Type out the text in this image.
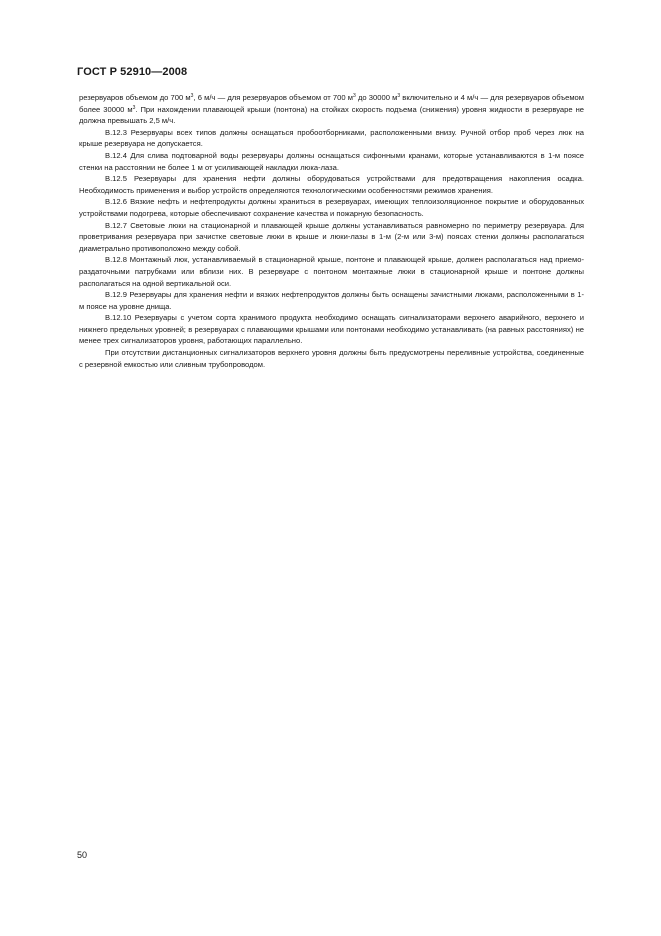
ГОСТ Р 52910—2008

резервуаров объемом до 700 $м^3$, 6 м/ч — для резервуаров объемом от 700 $м^3$ до 30000 $м^3$ включительно и 4 м/ч — для резервуаров объемом более 30000 $м^3$. При нахождении плавающей крыши (понтона) на стойках скорость подъема (снижения) уровня жидкости в резервуаре не должна превышать 2,5 м/ч.

В.12.3 Резервуары всех типов должны оснащаться пробоотборниками, расположенными внизу. Ручной отбор проб через люк на крыше резервуара не допускается.

В.12.4 Для слива подтоварной воды резервуары должны оснащаться сифонными кранами, которые устанавливаются в 1-м поясе стенки на расстоянии не более 1 м от усиливающей накладки люка-лаза.

В.12.5 Резервуары для хранения нефти должны оборудоваться устройствами для предотвращения накопления осадка. Необходимость применения и выбор устройств определяются технологическими особенностями режимов хранения.

В.12.6 Вязкие нефть и нефтепродукты должны храниться в резервуарах, имеющих теплоизоляционное покрытие и оборудованных устройствами подогрева, которые обеспечивают сохранение качества и пожарную безопасность.

В.12.7 Световые люки на стационарной и плавающей крыше должны устанавливаться равномерно по периметру резервуара. Для проветривания резервуара при зачистке световые люки в крыше и люки-лазы в 1-м (2-м или 3-м) поясах стенки должны располагаться диаметрально противоположно между собой.

В.12.8 Монтажный люк, устанавливаемый в стационарной крыше, понтоне и плавающей крыше, должен располагаться над приемо-раздаточными патрубками или вблизи них. В резервуаре с понтоном монтажные люки в стационарной крыше и понтоне должны располагаться на одной вертикальной оси.

В.12.9 Резервуары для хранения нефти и вязких нефтепродуктов должны быть оснащены зачистными люками, расположенными в 1-м поясе на уровне днища.

В.12.10 Резервуары с учетом сорта хранимого продукта необходимо оснащать сигнализаторами верхнего аварийного, верхнего и нижнего предельных уровней; в резервуарах с плавающими крышами или понтонами необходимо устанавливать (на равных расстояниях) не менее трех сигнализаторов уровня, работающих параллельно.

При отсутствии дистанционных сигнализаторов верхнего уровня должны быть предусмотрены переливные устройства, соединенные с резервной емкостью или сливным трубопроводом.

50
